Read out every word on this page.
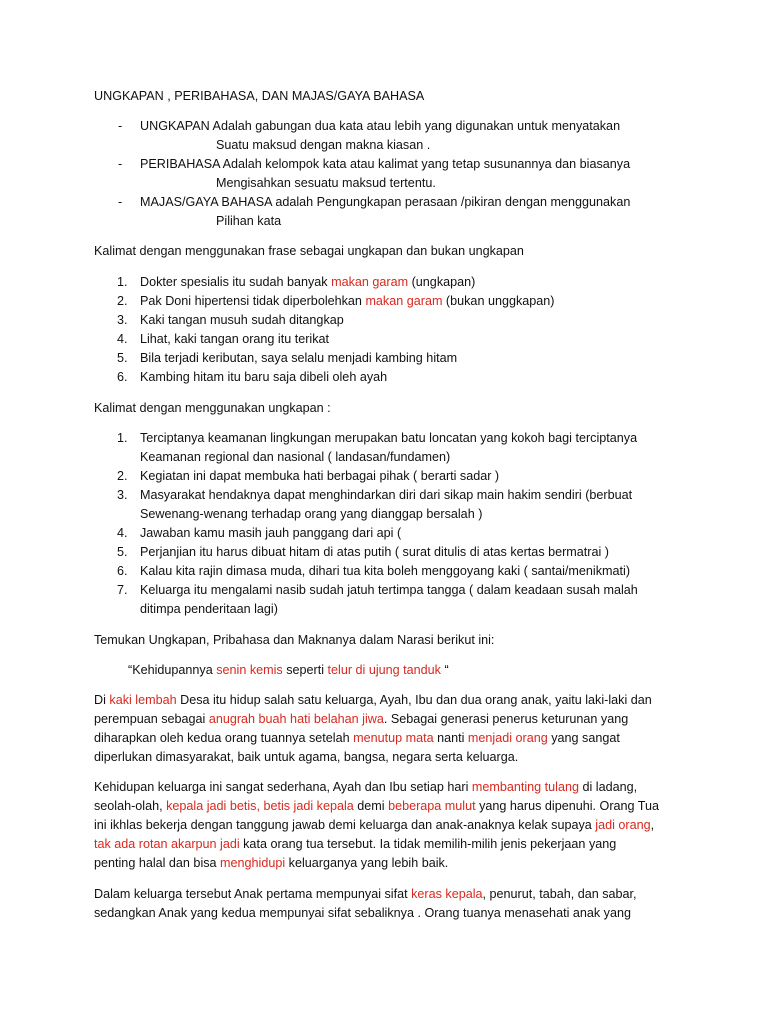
UNGKAPAN , PERIBAHASA, DAN MAJAS/GAYA BAHASA
- UNGKAPAN Adalah gabungan dua kata atau lebih yang digunakan untuk menyatakan
Suatu maksud dengan makna kiasan .
- PERIBAHASA Adalah kelompok kata atau kalimat yang tetap susunannya dan biasanya
Mengisahkan sesuatu maksud tertentu.
- MAJAS/GAYA BAHASA adalah Pengungkapan perasaan /pikiran dengan menggunakan
Pilihan kata
Kalimat dengan menggunakan frase sebagai ungkapan dan bukan ungkapan
1. Dokter spesialis itu sudah banyak makan garam (ungkapan)
2. Pak Doni hipertensi tidak diperbolehkan makan garam (bukan unggkapan)
3. Kaki tangan musuh sudah ditangkap
4. Lihat, kaki tangan orang itu terikat
5. Bila terjadi keributan, saya selalu menjadi kambing hitam
6. Kambing hitam itu baru saja dibeli oleh ayah
Kalimat dengan menggunakan ungkapan :
1. Terciptanya keamanan lingkungan merupakan batu loncatan yang kokoh bagi terciptanya
Keamanan regional dan nasional ( landasan/fundamen)
2. Kegiatan ini dapat membuka hati berbagai pihak ( berarti sadar )
3. Masyarakat hendaknya dapat menghindarkan diri dari sikap main hakim sendiri (berbuat
Sewenang-wenang terhadap orang yang dianggap bersalah )
4. Jawaban kamu masih jauh panggang dari api (
5. Perjanjian itu harus dibuat hitam di atas putih ( surat ditulis di atas kertas bermatrai )
6. Kalau kita rajin dimasa muda, dihari tua kita boleh menggoyang kaki ( santai/menikmati)
7. Keluarga itu mengalami nasib sudah jatuh tertimpa tangga ( dalam keadaan susah malah
ditimpa penderitaan lagi)
Temukan Ungkapan, Pribahasa dan Maknanya dalam Narasi berikut ini:
“Kehidupannya senin kemis seperti telur di ujung tanduk “
Di kaki lembah Desa itu hidup salah satu keluarga, Ayah, Ibu dan dua orang anak, yaitu laki-laki dan
perempuan sebagai anugrah buah hati belahan jiwa. Sebagai generasi penerus keturunan yang
diharapkan oleh kedua orang tuannya setelah menutup mata nanti menjadi orang yang sangat
diperlukan dimasyarakat, baik untuk agama, bangsa, negara serta keluarga.
Kehidupan keluarga ini sangat sederhana, Ayah dan Ibu setiap hari membanting tulang di ladang,
seolah-olah, kepala jadi betis, betis jadi kepala demi beberapa mulut yang harus dipenuhi. Orang Tua
ini ikhlas bekerja dengan tanggung jawab demi keluarga dan anak-anaknya kelak supaya jadi orang,
tak ada rotan akarpun jadi kata orang tua tersebut. Ia tidak memilih-milih jenis pekerjaan yang
penting halal dan bisa menghidupi keluarganya yang lebih baik.
Dalam keluarga tersebut Anak pertama mempunyai sifat keras kepala, penurut, tabah, dan sabar,
sedangkan Anak yang kedua mempunyai sifat sebaliknya . Orang tuanya menasehati anak yang
